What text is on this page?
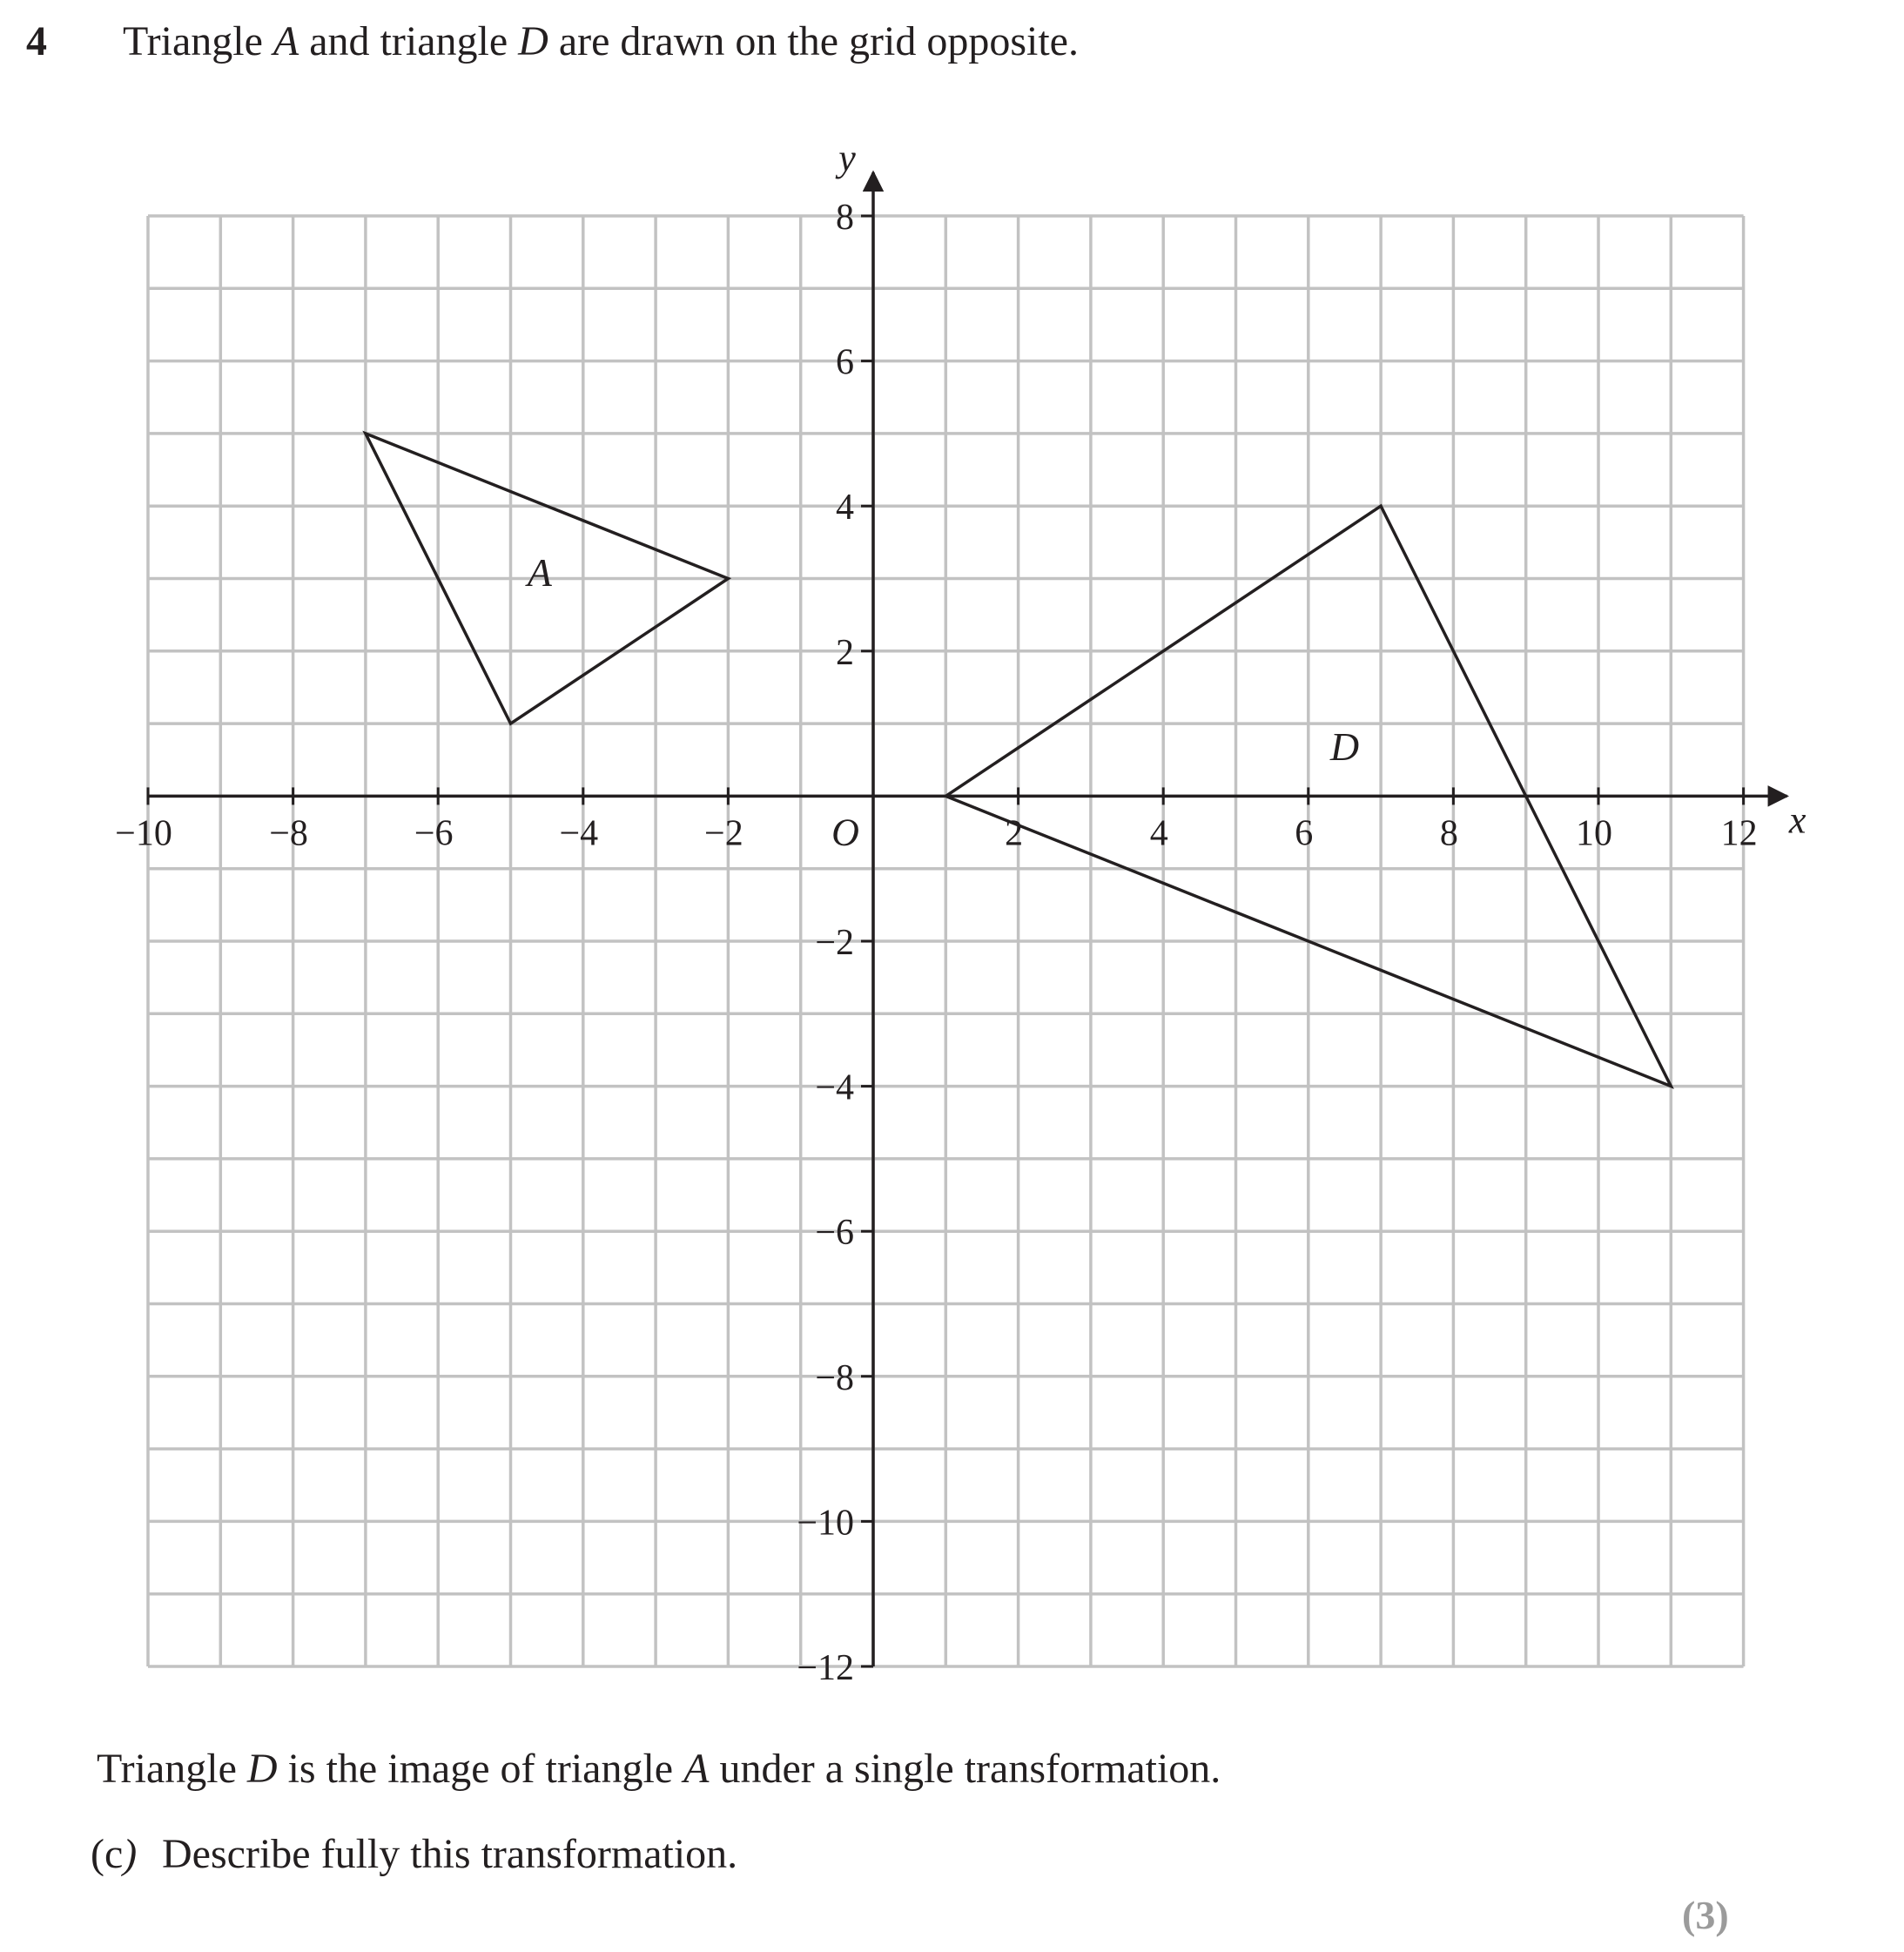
4 Triangle A and triangle D are drawn on the grid opposite.
−10	−8	−6	−4	−2	2	4	6	8	10	12
8
6
4
2
−2
−4
−6
−8
−10
−12
O	x
y
A
D
Triangle D is the image of triangle A under a single transformation.
(c) Describe fully this transformation.
(3)
